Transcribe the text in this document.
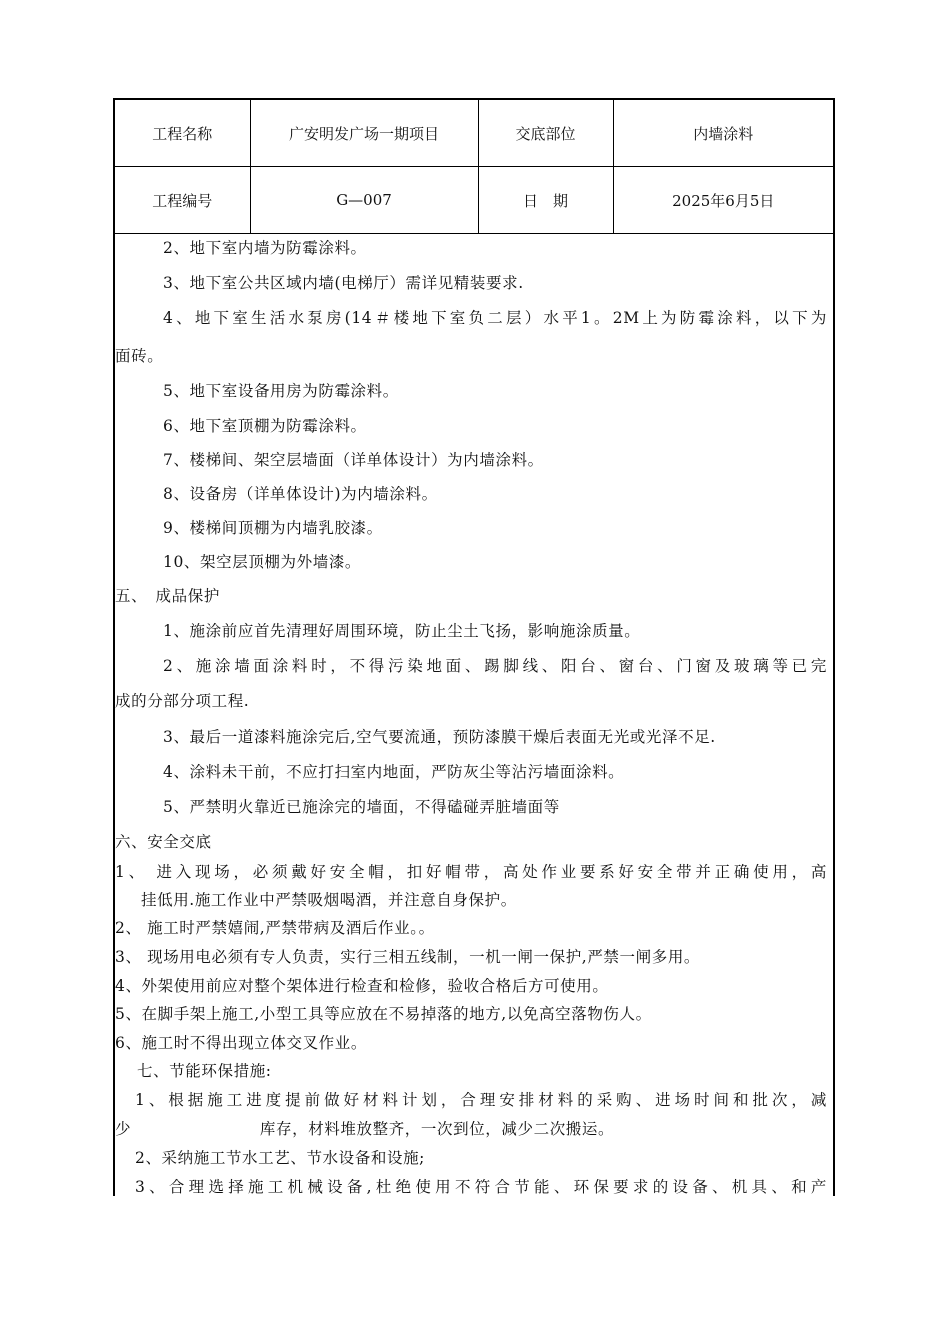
工程名称	广安明发广场一期项目	交底部位	内墙涂料
工程编号	G—007	日　期	2025年6月5日
2、地下室内墙为防霉涂料。
3、地下室公共区域内墙(电梯厅）需详见精装要求.
4、地下室生活水泵房(14＃楼地下室负二层）水平1。2M上为防霉涂料，以下为
面砖。
5、地下室设备用房为防霉涂料。
6、地下室顶棚为防霉涂料。
7、楼梯间、架空层墙面（详单体设计）为内墙涂料。
8、设备房（详单体设计)为内墙涂料。
9、楼梯间顶棚为内墙乳胶漆。
10、架空层顶棚为外墙漆。
五、　成品保护
1、施涂前应首先清理好周围环境，防止尘土飞扬，影响施涂质量。
2、施涂墙面涂料时，不得污染地面、踢脚线、阳台、窗台、门窗及玻璃等已完
成的分部分项工程.
3、最后一道漆料施涂完后,空气要流通，预防漆膜干燥后表面无光或光泽不足.
4、涂料未干前，不应打扫室内地面，严防灰尘等沾污墙面涂料。
5、严禁明火靠近已施涂完的墙面，不得磕碰弄脏墙面等
六、安全交底
1、 进入现场，必须戴好安全帽，扣好帽带，高处作业要系好安全带并正确使用，高
挂低用.施工作业中严禁吸烟喝酒，并注意自身保护。
2、 施工时严禁嬉闹,严禁带病及酒后作业。。
3、 现场用电必须有专人负责，实行三相五线制，一机一闸一保护,严禁一闸多用。
4、外架使用前应对整个架体进行检查和检修，验收合格后方可使用。
5、在脚手架上施工,小型工具等应放在不易掉落的地方,以免高空落物伤人。
6、施工时不得出现立体交叉作业。
七、节能环保措施:
1、根据施工进度提前做好材料计划，合理安排材料的采购、进场时间和批次，减
少　　　　　　　　库存，材料堆放整齐，一次到位，减少二次搬运。
2、采纳施工节水工艺、节水设备和设施;
3、合理选择施工机械设备,杜绝使用不符合节能、环保要求的设备、机具、和产
